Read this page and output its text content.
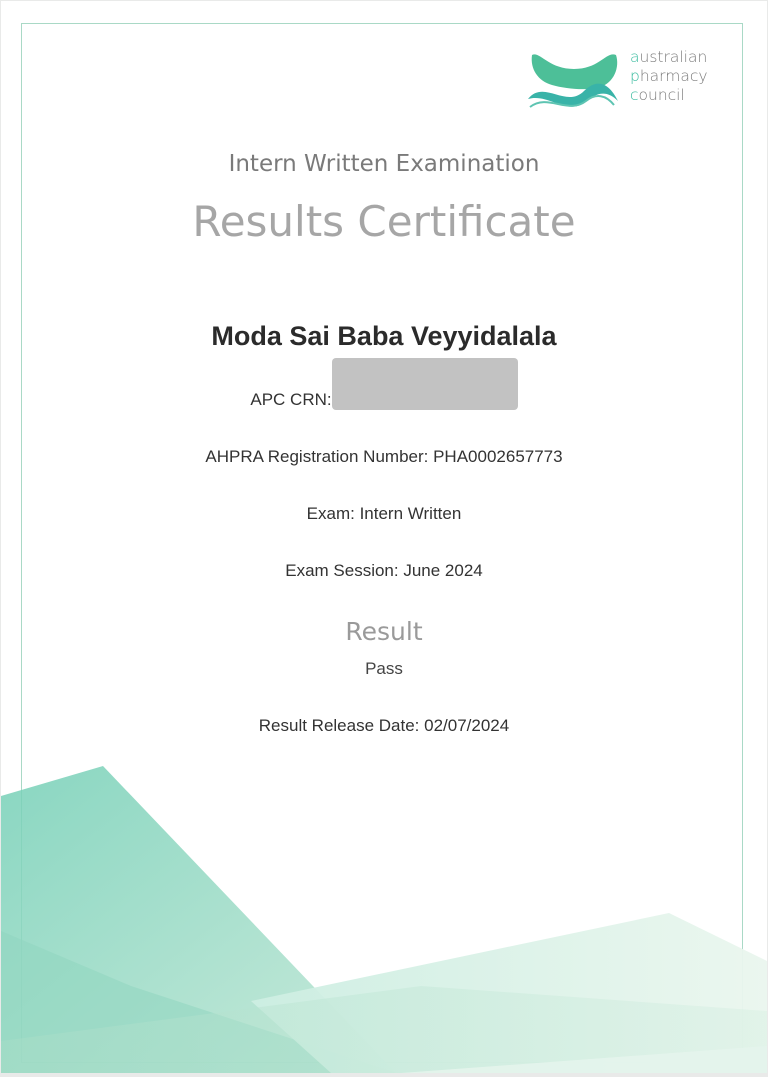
australian
pharmacy
council
Intern Written Examination
Results Certificate
Moda Sai Baba Veyyidalala
APC CRN:
AHPRA Registration Number: PHA0002657773
Exam: Intern Written
Exam Session: June 2024
Result
Pass
Result Release Date: 02/07/2024
